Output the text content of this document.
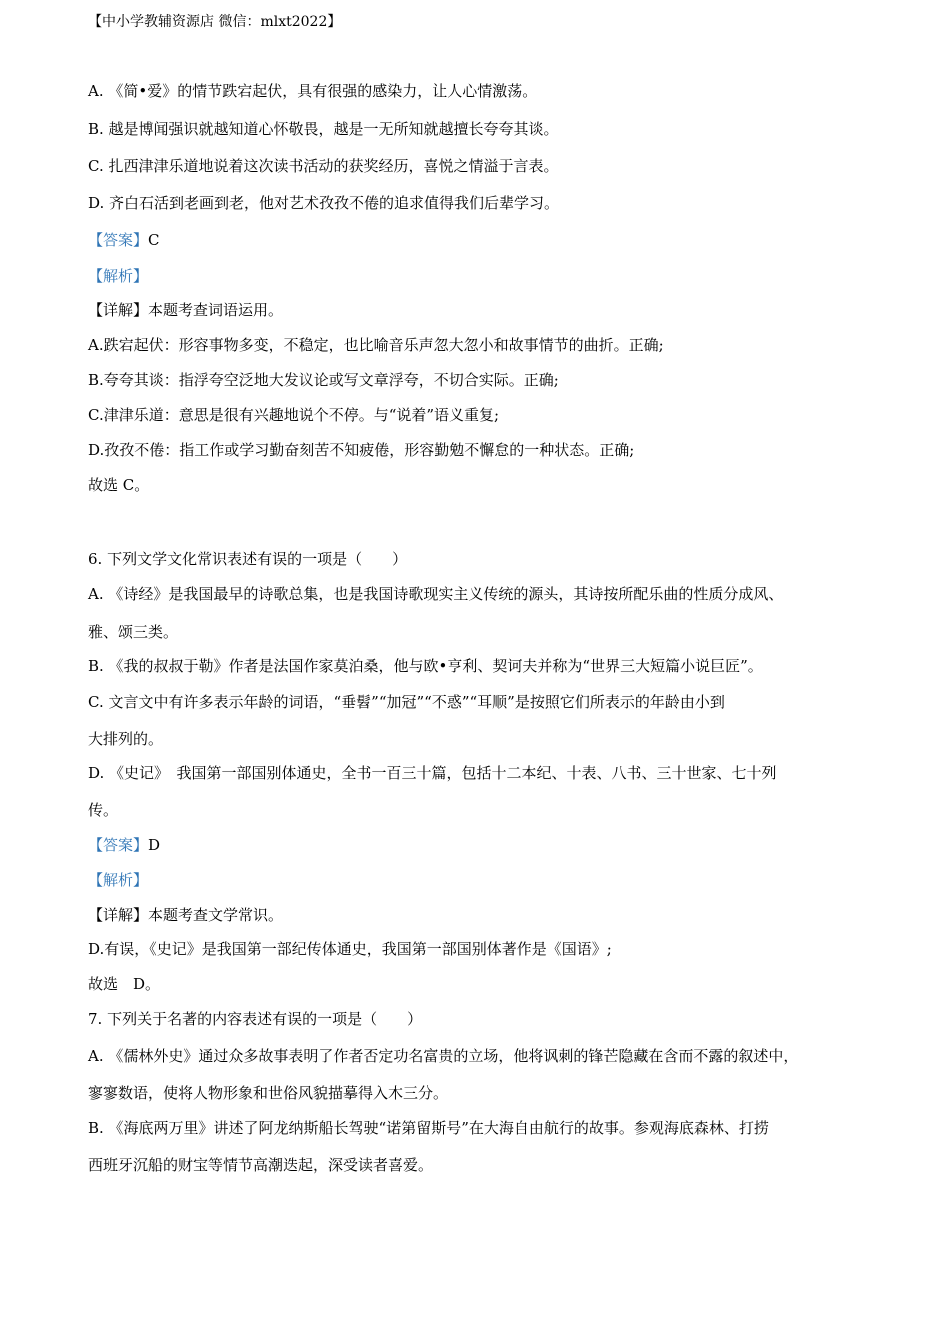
【中小学教辅资源店 微信：mlxt2022】
A. 《简•爱》的情节跌宕起伏，具有很强的感染力，让人心情激荡。
B. 越是博闻强识就越知道心怀敬畏，越是一无所知就越擅长夸夸其谈。
C. 扎西津津乐道地说着这次读书活动的获奖经历，喜悦之情溢于言表。
D. 齐白石活到老画到老，他对艺术孜孜不倦的追求值得我们后辈学习。
【答案】C
【解析】
【详解】本题考查词语运用。
A.跌宕起伏：形容事物多变，不稳定，也比喻音乐声忽大忽小和故事情节的曲折。正确;
B.夸夸其谈：指浮夸空泛地大发议论或写文章浮夸，不切合实际。正确;
C.津津乐道：意思是很有兴趣地说个不停。与“说着”语义重复;
D.孜孜不倦：指工作或学习勤奋刻苦不知疲倦，形容勤勉不懈怠的一种状态。正确;
故选 C。
6. 下列文学文化常识表述有误的一项是（　　）
A. 《诗经》是我国最早的诗歌总集，也是我国诗歌现实主义传统的源头，其诗按所配乐曲的性质分成风、
雅、颂三类。
B. 《我的叔叔于勒》作者是法国作家莫泊桑，他与欧•亨利、契诃夫并称为“世界三大短篇小说巨匠”。
C. 文言文中有许多表示年龄的词语，“垂髫”“加冠”“不惑”“耳顺”是按照它们所表示的年龄由小到
大排列的。
D. 《史记》　我国第一部国别体通史，全书一百三十篇，包括十二本纪、十表、八书、三十世家、七十列
传。
【答案】D
【解析】
【详解】本题考查文学常识。
D.有误，《史记》是我国第一部纪传体通史，我国第一部国别体著作是《国语》;
故选　D。
7. 下列关于名著的内容表述有误的一项是（　　）
A. 《儒林外史》通过众多故事表明了作者否定功名富贵的立场，他将讽刺的锋芒隐藏在含而不露的叙述中，
寥寥数语，使将人物形象和世俗风貌描摹得入木三分。
B. 《海底两万里》讲述了阿龙纳斯船长驾驶“诺第留斯号”在大海自由航行的故事。参观海底森林、打捞
西班牙沉船的财宝等情节高潮迭起，深受读者喜爱。
